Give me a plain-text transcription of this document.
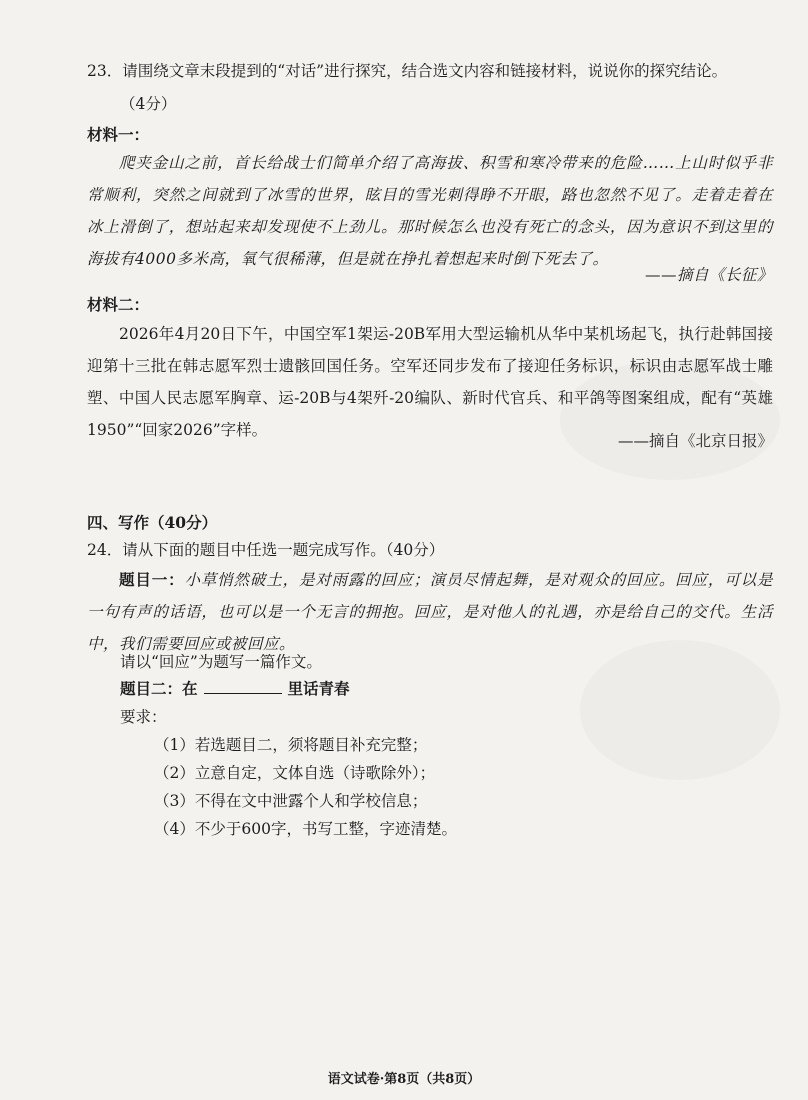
23．请围绕文章末段提到的“对话”进行探究，结合选文内容和链接材料，说说你的探究结论。
（4分）
材料一：
爬夹金山之前，首长给战士们简单介绍了高海拔、积雪和寒冷带来的危险……上山时似乎非常顺利，突然之间就到了冰雪的世界，眩目的雪光刺得睁不开眼，路也忽然不见了。走着走着在冰上滑倒了，想站起来却发现使不上劲儿。那时候怎么也没有死亡的念头，因为意识不到这里的海拔有4000多米高，氧气很稀薄，但是就在挣扎着想起来时倒下死去了。
——摘自《长征》
材料二：
2026年4月20日下午，中国空军1架运-20B军用大型运输机从华中某机场起飞，执行赴韩国接迎第十三批在韩志愿军烈士遗骸回国任务。空军还同步发布了接迎任务标识，标识由志愿军战士雕塑、中国人民志愿军胸章、运-20B与4架歼-20编队、新时代官兵、和平鸽等图案组成，配有“英雄1950”“回家2026”字样。
——摘自《北京日报》
四、写作（40分）
24．请从下面的题目中任选一题完成写作。（40分）
题目一：小草悄然破土，是对雨露的回应；演员尽情起舞，是对观众的回应。回应，可以是一句有声的话语，也可以是一个无言的拥抱。回应，是对他人的礼遇，亦是给自己的交代。生活中，我们需要回应或被回应。
请以“回应”为题写一篇作文。
题目二：在	里话青春
要求：
（1）若选题目二，须将题目补充完整；
（2）立意自定，文体自选（诗歌除外）；
（3）不得在文中泄露个人和学校信息；
（4）不少于600字，书写工整，字迹清楚。
语文试卷·第8页（共8页）
